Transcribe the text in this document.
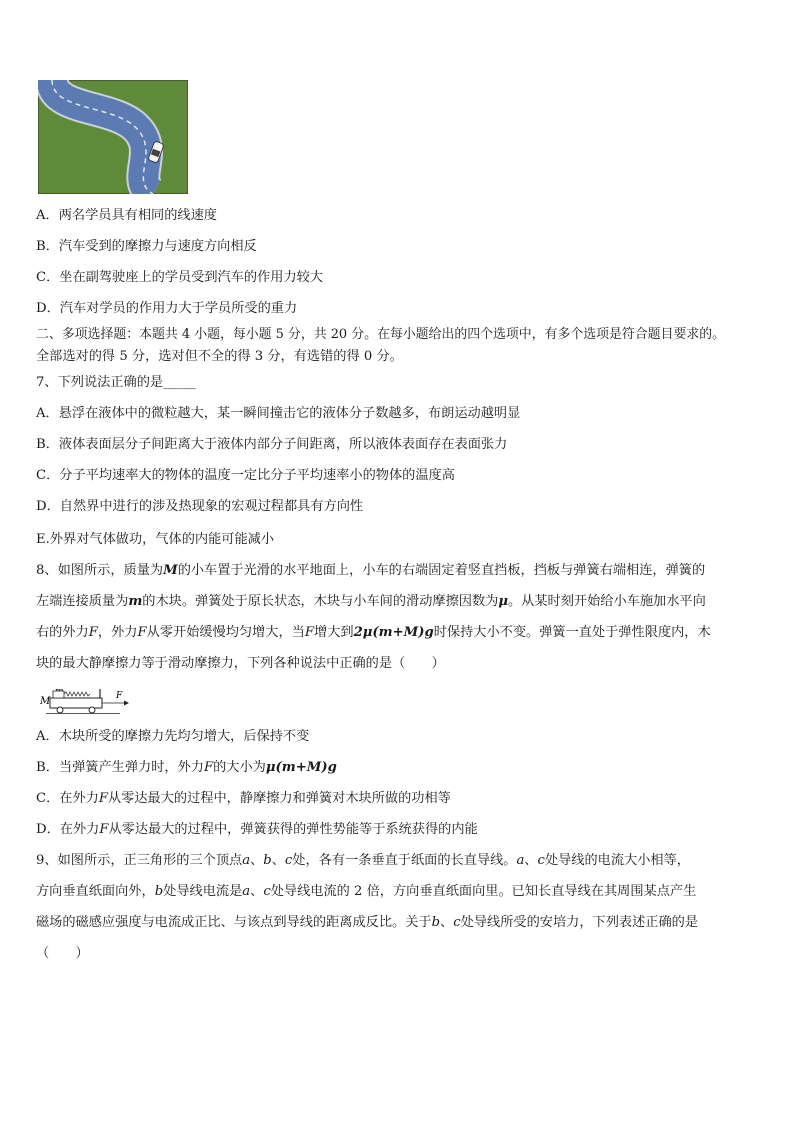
A．两名学员具有相同的线速度
B．汽车受到的摩擦力与速度方向相反
C．坐在副驾驶座上的学员受到汽车的作用力较大
D．汽车对学员的作用力大于学员所受的重力
二、多项选择题：本题共 4 小题，每小题 5 分，共 20 分。在每小题给出的四个选项中，有多个选项是符合题目要求的。
全部选对的得 5 分，选对但不全的得 3 分，有选错的得 0 分。
7、下列说法正确的是_____
A．悬浮在液体中的微粒越大，某一瞬间撞击它的液体分子数越多，布朗运动越明显
B．液体表面层分子间距离大于液体内部分子间距离，所以液体表面存在表面张力
C．分子平均速率大的物体的温度一定比分子平均速率小的物体的温度高
D．自然界中进行的涉及热现象的宏观过程都具有方向性
E.外界对气体做功，气体的内能可能减小
8、如图所示，质量为M的小车置于光滑的水平地面上，小车的右端固定着竖直挡板，挡板与弹簧右端相连，弹簧的
左端连接质量为m的木块。弹簧处于原长状态，木块与小车间的滑动摩擦因数为μ。从某时刻开始给小车施加水平向
右的外力F，外力F从零开始缓慢均匀增大，当F增大到2μ(m+M)g时保持大小不变。弹簧一直处于弹性限度内，木
块的最大静摩擦力等于滑动摩擦力，下列各种说法中正确的是（　　）
M	F
A．木块所受的摩擦力先均匀增大，后保持不变
B．当弹簧产生弹力时，外力F的大小为μ(m+M)g
C．在外力F从零达最大的过程中，静摩擦力和弹簧对木块所做的功相等
D．在外力F从零达最大的过程中，弹簧获得的弹性势能等于系统获得的内能
9、如图所示，正三角形的三个顶点a、b、c处，各有一条垂直于纸面的长直导线。a、c处导线的电流大小相等，
方向垂直纸面向外，b处导线电流是a、c处导线电流的 2 倍，方向垂直纸面向里。已知长直导线在其周围某点产生
磁场的磁感应强度与电流成正比、与该点到导线的距离成反比。关于b、c处导线所受的安培力，下列表述正确的是
（　　）
